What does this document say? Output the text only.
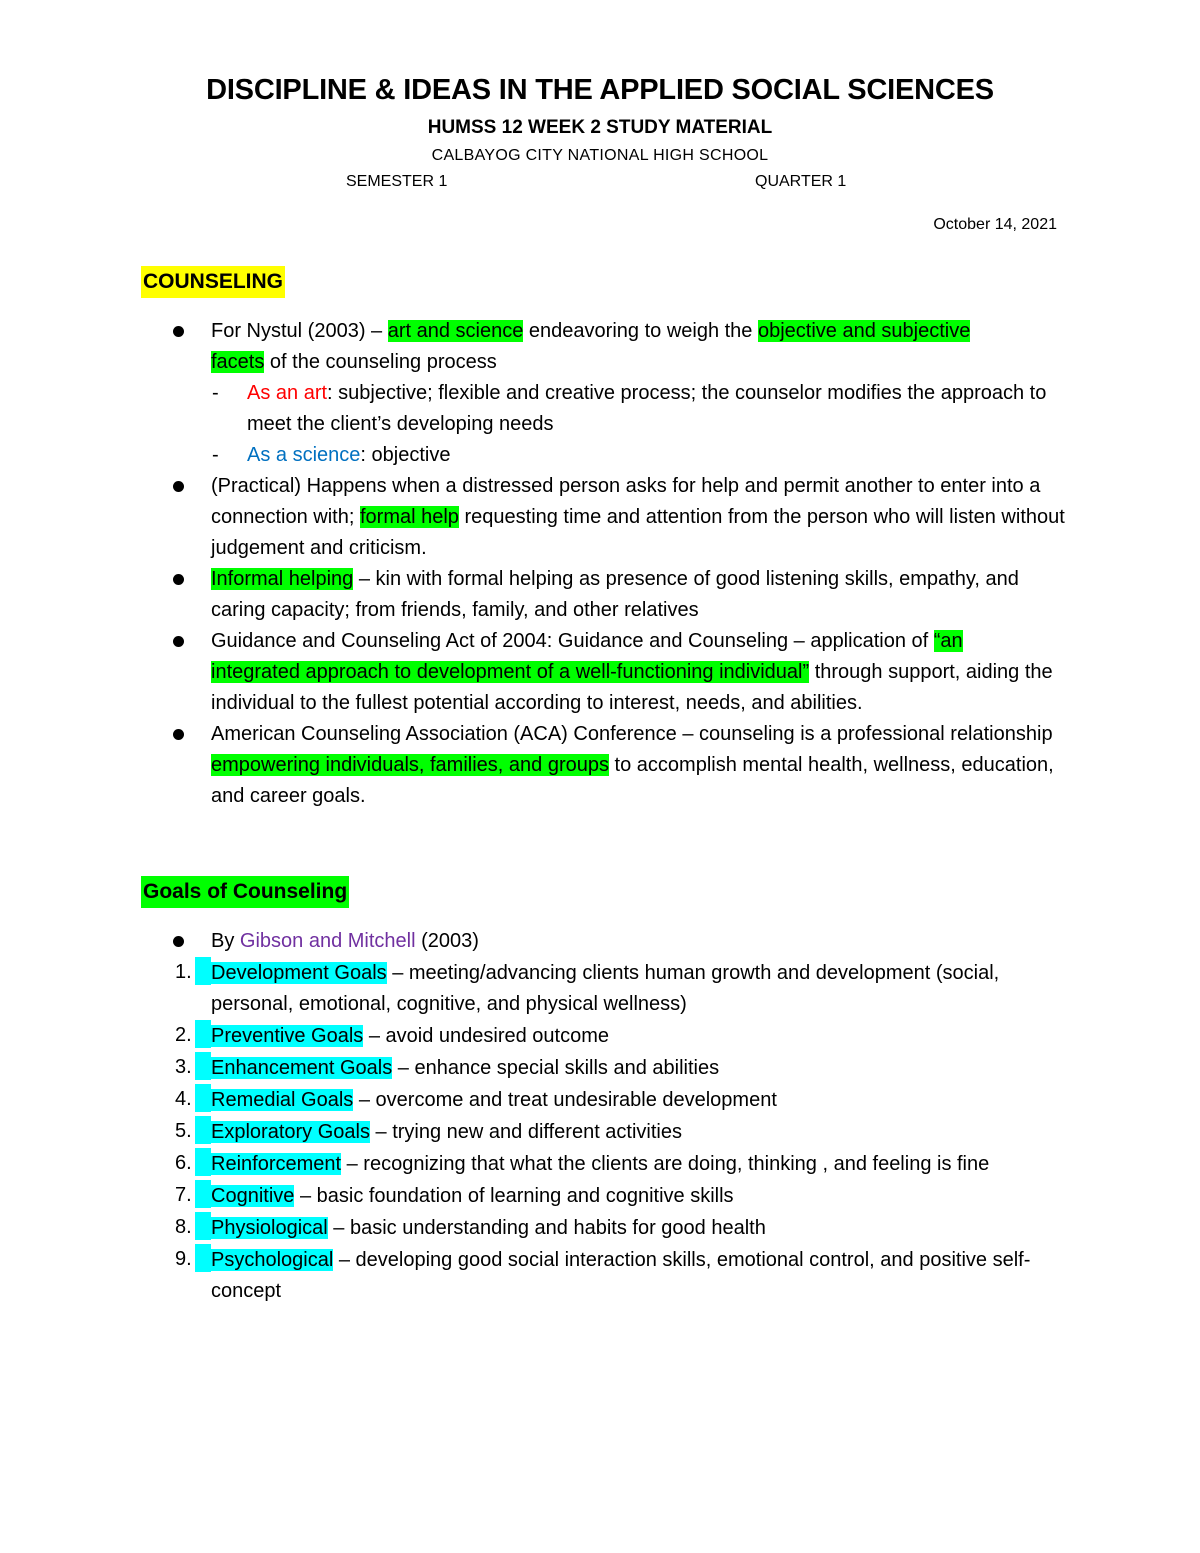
DISCIPLINE & IDEAS IN THE APPLIED SOCIAL SCIENCES
HUMSS 12 WEEK 2 STUDY MATERIAL
CALBAYOG CITY NATIONAL HIGH SCHOOL
SEMESTER 1	QUARTER 1
October 14, 2021
COUNSELING
For Nystul (2003) – art and science endeavoring to weigh the objective and subjective
facets of the counseling process
- As an art: subjective; flexible and creative process; the counselor modifies the approach to meet the client’s developing needs
- As a science: objective
(Practical) Happens when a distressed person asks for help and permit another to enter into a connection with; formal help requesting time and attention from the person who will listen without judgement and criticism.
Informal helping – kin with formal helping as presence of good listening skills, empathy, and caring capacity; from friends, family, and other relatives
Guidance and Counseling Act of 2004: Guidance and Counseling – application of “an
integrated approach to development of a well-functioning individual” through support, aiding the individual to the fullest potential according to interest, needs, and abilities.
American Counseling Association (ACA) Conference – counseling is a professional relationship empowering individuals, families, and groups to accomplish mental health, wellness, education, and career goals.
Goals of Counseling
By Gibson and Mitchell (2003)
1. Development Goals – meeting/advancing clients human growth and development (social, personal, emotional, cognitive, and physical wellness)
2. Preventive Goals – avoid undesired outcome
3. Enhancement Goals – enhance special skills and abilities
4. Remedial Goals – overcome and treat undesirable development
5. Exploratory Goals – trying new and different activities
6. Reinforcement – recognizing that what the clients are doing, thinking , and feeling is fine
7. Cognitive – basic foundation of learning and cognitive skills
8. Physiological – basic understanding and habits for good health
9. Psychological – developing good social interaction skills, emotional control, and positive self-concept
